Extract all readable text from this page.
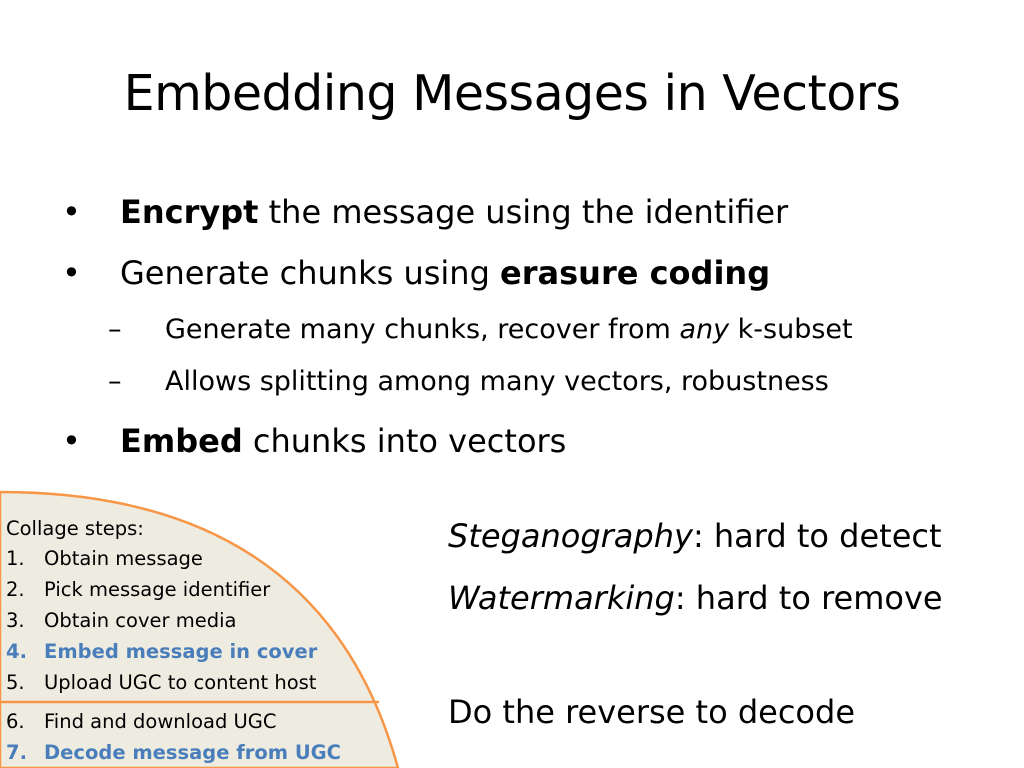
Embedding Messages in Vectors
• Encrypt the message using the identifier
• Generate chunks using erasure coding
– Generate many chunks, recover from any k-subset
– Allows splitting among many vectors, robustness
• Embed chunks into vectors
Steganography: hard to detect
Watermarking: hard to remove
Do the reverse to decode
Collage steps:
1. Obtain message
2. Pick message identifier
3. Obtain cover media
4. Embed message in cover
5. Upload UGC to content host
6. Find and download UGC
7. Decode message from UGC
